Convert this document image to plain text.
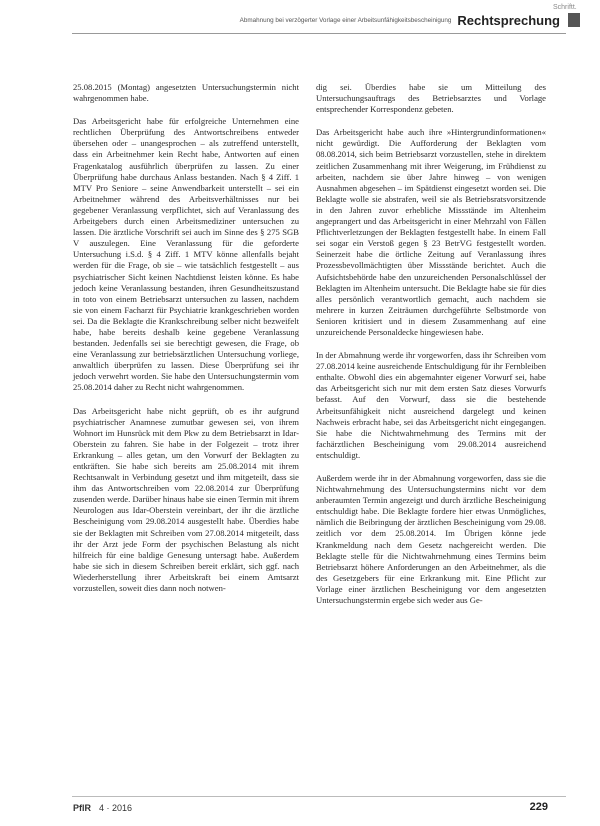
Schriftt.
Abmahnung bei verzögerter Vorlage einer Arbeitsunfähigkeitsbescheinigung Rechtsprechung

25.08.2015 (Montag) angesetzten Untersuchungstermin nicht wahrgenommen habe.

Das Arbeitsgericht habe für erfolgreiche Unternehmen eine rechtlichen Überprüfung des Antwortschreibens entweder übersehen oder – unangesprochen – als zutreffend unterstellt, dass ein Arbeitnehmer kein Recht habe, Antworten auf einen Fragenkatalog ausführlich überprüfen zu lassen. Zu einer Überprüfung habe durchaus Anlass bestanden. Nach § 4 Ziff. 1 MTV Pro Seniore – seine Anwendbarkeit unterstellt – sei ein Arbeitnehmer während des Arbeitsverhältnisses nur bei gegebener Veranlassung verpflichtet, sich auf Veranlassung des Arbeitgebers durch einen Arbeitsmediziner untersuchen zu lassen. Die ärztliche Vorschrift sei auch im Sinne des § 275 SGB V auszulegen. Eine Veranlassung für die geforderte Untersuchung i.S.d. § 4 Ziff. 1 MTV könne allenfalls bejaht werden für die Frage, ob sie – wie tatsächlich festgestellt – aus psychiatrischer Sicht keinen Nachtdienst leisten könne. Es habe jedoch keine Veranlassung bestanden, ihren Gesundheitszustand in toto von einem Betriebsarzt untersuchen zu lassen, nachdem sie von einem Facharzt für Psychiatrie krankgeschrieben worden sei. Da die Beklagte die Krankschreibung selber nicht bezweifelt habe, habe bereits deshalb keine gegebene Veranlassung bestanden. Jedenfalls sei sie berechtigt gewesen, die Frage, ob eine Veranlassung zur betriebsärztlichen Untersuchung vorliege, anwaltlich überprüfen zu lassen. Diese Überprüfung sei ihr jedoch verwehrt worden. Sie habe den Untersuchungstermin vom 25.08.2014 daher zu Recht nicht wahrgenommen.

Das Arbeitsgericht habe nicht geprüft, ob es ihr aufgrund psychiatrischer Anamnese zumutbar gewesen sei, von ihrem Wohnort im Hunsrück mit dem Pkw zu dem Betriebsarzt in Idar-Oberstein zu fahren. Sie habe in der Folgezeit – trotz ihrer Erkrankung – alles getan, um den Vorwurf der Beklagten zu entkräften. Sie habe sich bereits am 25.08.2014 mit ihrem Rechtsanwalt in Verbindung gesetzt und ihm mitgeteilt, dass sie ihm das Antwortschreiben vom 22.08.2014 zur Überprüfung zusenden werde. Darüber hinaus habe sie einen Termin mit ihrem Neurologen aus Idar-Oberstein vereinbart, der ihr die ärztliche Bescheinigung vom 29.08.2014 ausgestellt habe. Überdies habe sie der Beklagten mit Schreiben vom 27.08.2014 mitgeteilt, dass ihr der Arzt jede Form der psychischen Belastung als nicht hilfreich für eine baldige Genesung untersagt habe. Außerdem habe sie sich in diesem Schreiben bereit erklärt, sich ggf. nach Wiederherstellung ihrer Arbeitskraft bei einem Amtsarzt vorzustellen, soweit dies dann noch notwen-

dig sei. Überdies habe sie um Mitteilung des Untersuchungsauftrags des Betriebsarztes und Vorlage entsprechender Korrespondenz gebeten.

Das Arbeitsgericht habe auch ihre »Hintergrundinformationen« nicht gewürdigt. Die Aufforderung der Beklagten vom 08.08.2014, sich beim Betriebsarzt vorzustellen, stehe in direktem zeitlichen Zusammenhang mit ihrer Weigerung, im Frühdienst zu arbeiten, nachdem sie über Jahre hinweg – von wenigen Ausnahmen abgesehen – im Spätdienst eingesetzt worden sei. Die Beklagte wolle sie abstrafen, weil sie als Betriebsratsvorsitzende in den Jahren zuvor erhebliche Missstände im Altenheim angeprangert und das Arbeitsgericht in einer Mehrzahl von Fällen Pflichtverletzungen der Beklagten festgestellt habe. In einem Fall sei sogar ein Verstoß gegen § 23 BetrVG festgestellt worden. Seinerzeit habe die örtliche Zeitung auf Veranlassung ihres Prozessbevollmächtigten über Missstände berichtet. Auch die Aufsichtsbehörde habe den unzureichenden Personalschlüssel der Beklagten im Altenheim untersucht. Die Beklagte habe sie für dies alles persönlich verantwortlich gemacht, auch nachdem sie mehrere in kurzen Zeiträumen durchgeführte Selbstmorde von Senioren kritisiert und in diesem Zusammenhang auf eine unzureichende Personaldecke hingewiesen habe.

In der Abmahnung werde ihr vorgeworfen, dass ihr Schreiben vom 27.08.2014 keine ausreichende Entschuldigung für ihr Fernbleiben enthalte. Obwohl dies ein abgemahnter eigener Vorwurf sei, habe das Arbeitsgericht sich nur mit dem ersten Satz dieses Vorwurfs befasst. Auf den Vorwurf, dass sie die bestehende Arbeitsunfähigkeit nicht ausreichend dargelegt und keinen Nachweis erbracht habe, sei das Arbeitsgericht nicht eingegangen. Sie habe die Nichtwahrnehmung des Termins mit der fachärztlichen Bescheinigung vom 29.08.2014 ausreichend entschuldigt.

Außerdem werde ihr in der Abmahnung vorgeworfen, dass sie die Nichtwahrnehmung des Untersuchungstermins nicht vor dem anberaumten Termin angezeigt und durch ärztliche Bescheinigung entschuldigt habe. Die Beklagte fordere hier etwas Unmögliches, nämlich die Beibringung der ärztlichen Bescheinigung vom 29.08. zeitlich vor dem 25.08.2014. Im Übrigen könne jede Krankmeldung nach dem Gesetz nachgereicht werden. Die Beklagte stelle für die Nichtwahrnehmung eines Termins beim Betriebsarzt höhere Anforderungen an den Arbeitnehmer, als die des Gesetzgebers für eine Erkrankung mit. Eine Pflicht zur Vorlage einer ärztlichen Bescheinigung vor dem angesetzten Untersuchungstermin ergebe sich weder aus Ge-

PflR 4 · 2016	229
